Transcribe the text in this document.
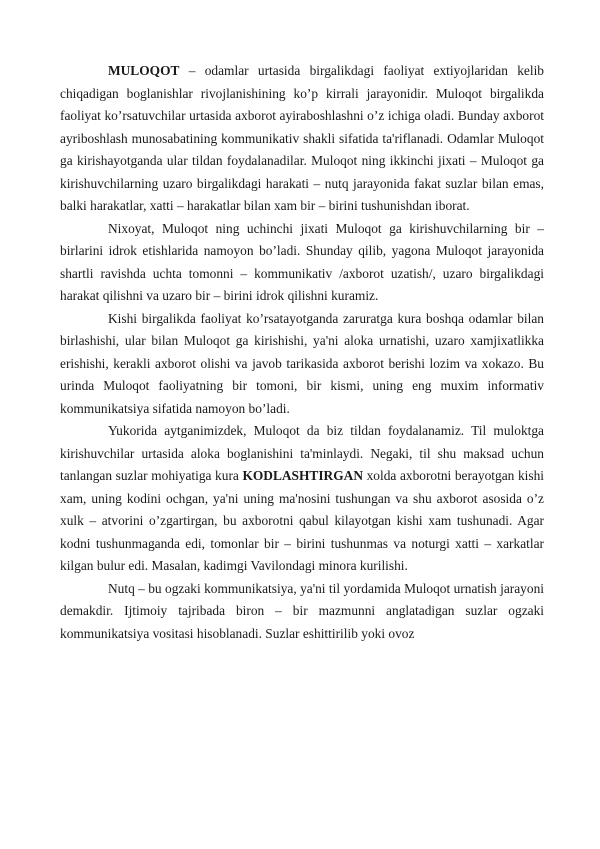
MULOQOT – odamlar urtasida birgalikdagi faoliyat extiyojlaridan kelib chiqadigan boglanishlar rivojlanishining ko’p kirrali jarayonidir. Muloqot birgalikda faoliyat ko’rsatuvchilar urtasida axborot ayiraboshlashni o’z ichiga oladi. Bunday axborot ayriboshlash munosabatining kommunikativ shakli sifatida ta'riflanadi. Odamlar Muloqot ga kirishayotganda ular tildan foydalanadilar. Muloqot ning ikkinchi jixati – Muloqot ga kirishuvchilarning uzaro birgalikdagi harakati – nutq jarayonida fakat suzlar bilan emas, balki harakatlar, xatti – harakatlar bilan xam bir – birini tushunishdan iborat.

Nixoyat, Muloqot ning uchinchi jixati Muloqot ga kirishuvchilarning bir – birlarini idrok etishlarida namoyon bo’ladi. Shunday qilib, yagona Muloqot jarayonida shartli ravishda uchta tomonni – kommunikativ /axborot uzatish/, uzaro birgalikdagi harakat qilishni va uzaro bir – birini idrok qilishni kuramiz.

Kishi birgalikda faoliyat ko’rsatayotganda zaruratga kura boshqa odamlar bilan birlashishi, ular bilan Muloqot ga kirishishi, ya'ni aloka urnatishi, uzaro xamjixatlikka erishishi, kerakli axborot olishi va javob tarikasida axborot berishi lozim va xokazo. Bu urinda Muloqot faoliyatning bir tomoni, bir kismi, uning eng muxim informativ kommunikatsiya sifatida namoyon bo’ladi.

Yukorida aytganimizdek, Muloqot da biz tildan foydalanamiz. Til muloktga kirishuvchilar urtasida aloka boglanishini ta'minlaydi. Negaki, til shu maksad uchun tanlangan suzlar mohiyatiga kura KODLASHTIRGAN xolda axborotni berayotgan kishi xam, uning kodini ochgan, ya'ni uning ma'nosini tushungan va shu axborot asosida o’z xulk – atvorini o’zgartirgan, bu axborotni qabul kilayotgan kishi xam tushunadi. Agar kodni tushunmaganda edi, tomonlar bir – birini tushunmas va noturgi xatti – xarkatlar kilgan bulur edi. Masalan, kadimgi Vavilondagi minora kurilishi.

Nutq – bu ogzaki kommunikatsiya, ya'ni til yordamida Muloqot urnatish jarayoni demakdir. Ijtimoiy tajribada biron – bir mazmunni anglatadigan suzlar ogzaki kommunikatsiya vositasi hisoblanadi. Suzlar eshittirilib yoki ovoz
